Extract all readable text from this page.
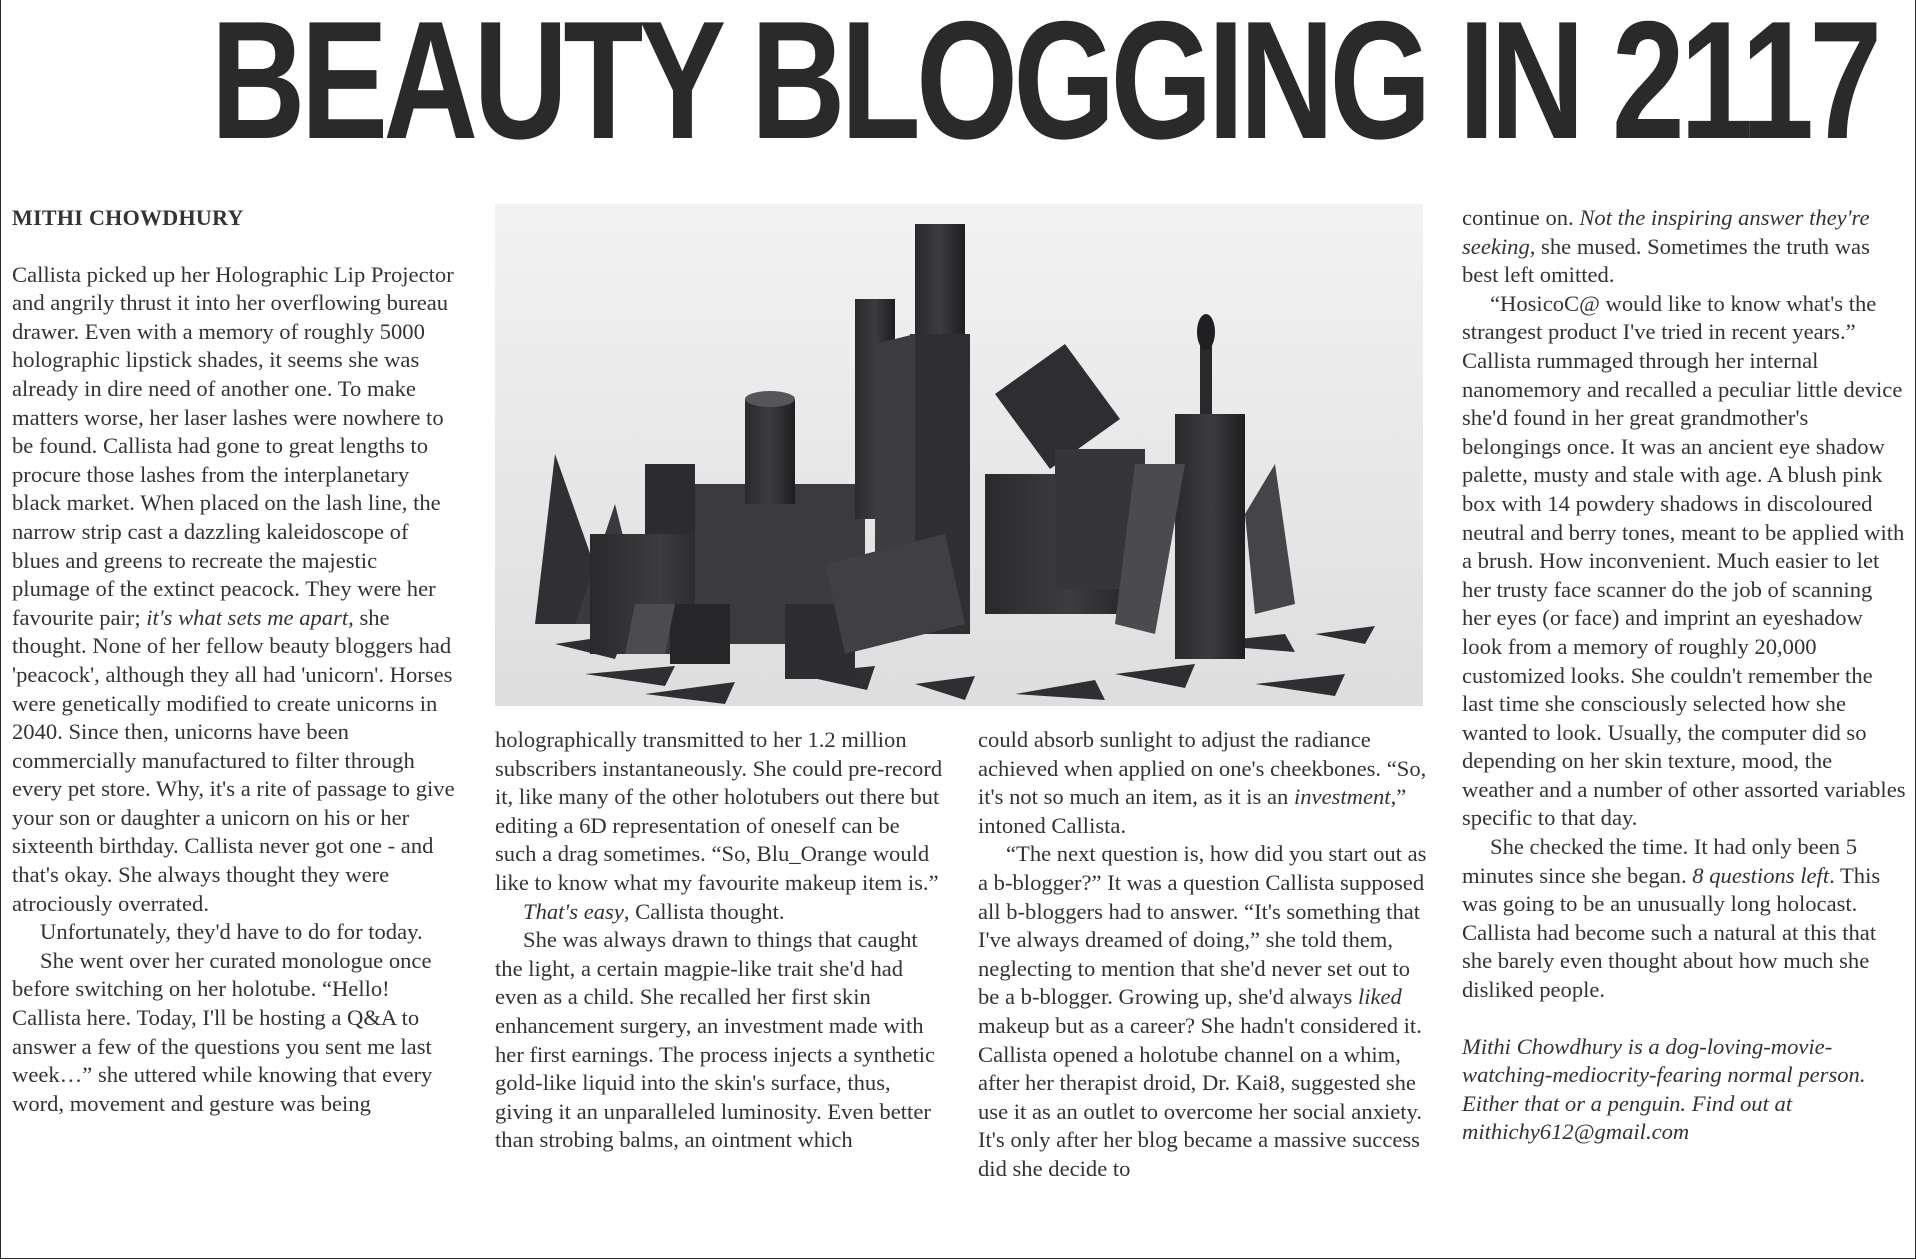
BEAUTY BLOGGING IN 2117

MITHI CHOWDHURY

Callista picked up her Holographic Lip Projector and angrily thrust it into her overflowing bureau drawer. Even with a memory of roughly 5000 holographic lipstick shades, it seems she was already in dire need of another one. To make matters worse, her laser lashes were nowhere to be found. Callista had gone to great lengths to procure those lashes from the interplanetary black market. When placed on the lash line, the narrow strip cast a dazzling kaleidoscope of blues and greens to recreate the majestic plumage of the extinct peacock. They were her favourite pair; it's what sets me apart, she thought. None of her fellow beauty bloggers had 'peacock', although they all had 'unicorn'. Horses were genetically modified to create unicorns in 2040. Since then, unicorns have been commercially manufactured to filter through every pet store. Why, it's a rite of passage to give your son or daughter a unicorn on his or her sixteenth birthday. Callista never got one - and that's okay. She always thought they were atrociously overrated.

Unfortunately, they'd have to do for today.

She went over her curated monologue once before switching on her holotube. “Hello! Callista here. Today, I'll be hosting a Q&A to answer a few of the questions you sent me last week…” she uttered while knowing that every word, movement and gesture was being

holographically transmitted to her 1.2 million subscribers instantaneously. She could pre-record it, like many of the other holotubers out there but editing a 6D representation of oneself can be such a drag sometimes. “So, Blu_Orange would like to know what my favourite makeup item is.”

That's easy, Callista thought.

She was always drawn to things that caught the light, a certain magpie-like trait she'd had even as a child. She recalled her first skin enhancement surgery, an investment made with her first earnings. The process injects a synthetic gold-like liquid into the skin's surface, thus, giving it an unparalleled luminosity. Even better than strobing balms, an ointment which

could absorb sunlight to adjust the radiance achieved when applied on one's cheekbones. “So, it's not so much an item, as it is an investment,” intoned Callista.

“The next question is, how did you start out as a b-blogger?” It was a question Callista supposed all b-bloggers had to answer. “It's something that I've always dreamed of doing,” she told them, neglecting to mention that she'd never set out to be a b-blogger. Growing up, she'd always liked makeup but as a career? She hadn't considered it. Callista opened a holotube channel on a whim, after her therapist droid, Dr. Kai8, suggested she use it as an outlet to overcome her social anxiety. It's only after her blog became a massive success did she decide to

continue on. Not the inspiring answer they're seeking, she mused. Sometimes the truth was best left omitted.

“HosicoC@ would like to know what's the strangest product I've tried in recent years.” Callista rummaged through her internal nanomemory and recalled a peculiar little device she'd found in her great grandmother's belongings once. It was an ancient eye shadow palette, musty and stale with age. A blush pink box with 14 powdery shadows in discoloured neutral and berry tones, meant to be applied with a brush. How inconvenient. Much easier to let her trusty face scanner do the job of scanning her eyes (or face) and imprint an eyeshadow look from a memory of roughly 20,000 customized looks. She couldn't remember the last time she consciously selected how she wanted to look. Usually, the computer did so depending on her skin texture, mood, the weather and a number of other assorted variables specific to that day.

She checked the time. It had only been 5 minutes since she began. 8 questions left. This was going to be an unusually long holocast. Callista had become such a natural at this that she barely even thought about how much she disliked people.

Mithi Chowdhury is a dog-loving-movie-watching-mediocrity-fearing normal person. Either that or a penguin. Find out at mithichy612@gmail.com
